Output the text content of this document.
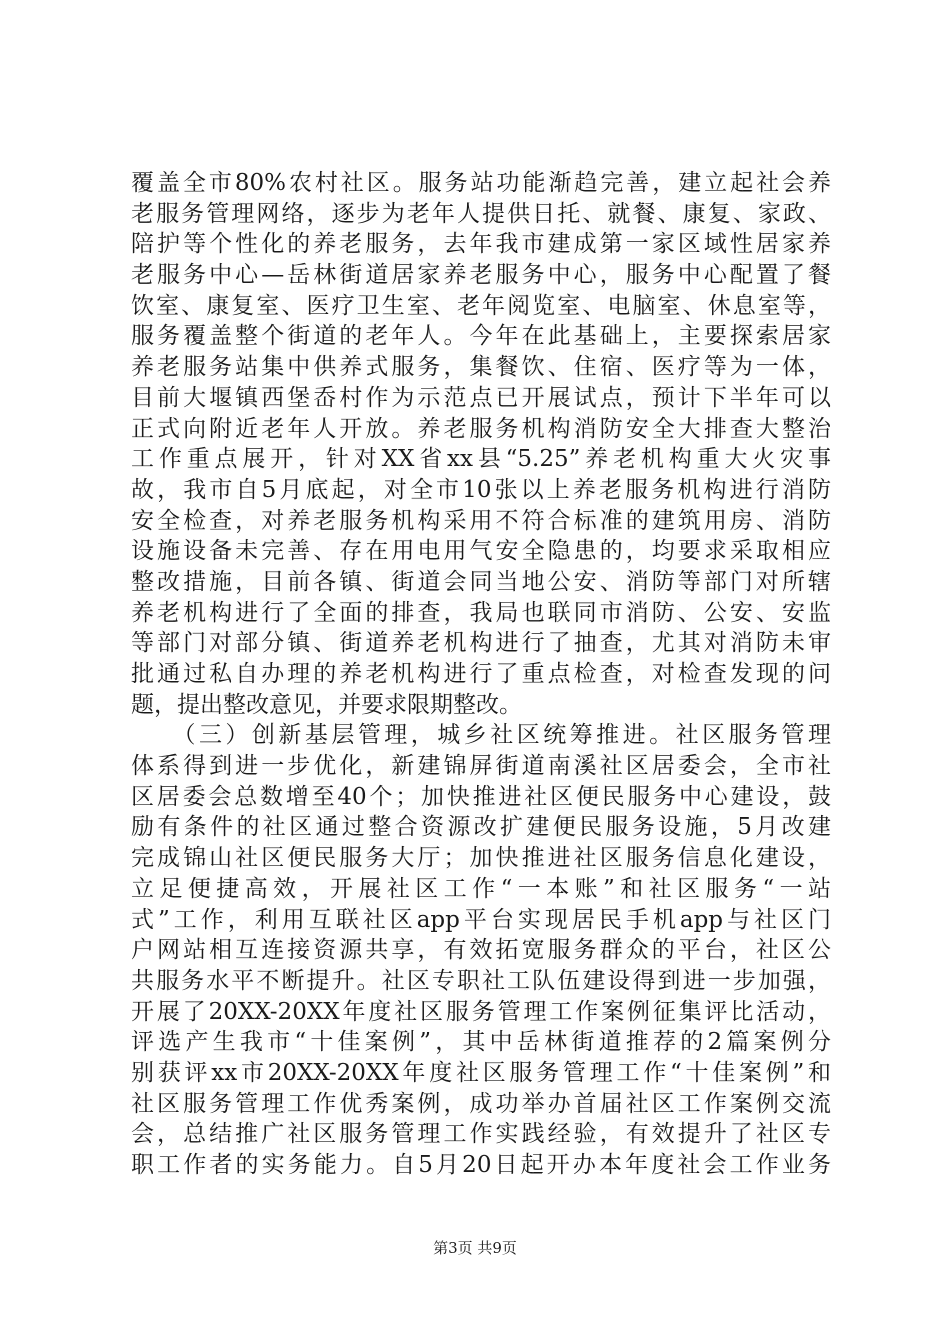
覆盖全市80%农村社区。服务站功能渐趋完善，建立起社会养
老服务管理网络，逐步为老年人提供日托、就餐、康复、家政、
陪护等个性化的养老服务，去年我市建成第一家区域性居家养
老服务中心—岳林街道居家养老服务中心，服务中心配置了餐
饮室、康复室、医疗卫生室、老年阅览室、电脑室、休息室等，
服务覆盖整个街道的老年人。今年在此基础上，主要探索居家
养老服务站集中供养式服务，集餐饮、住宿、医疗等为一体，
目前大堰镇西堡岙村作为示范点已开展试点，预计下半年可以
正式向附近老年人开放。养老服务机构消防安全大排查大整治
工作重点展开，针对XX省xx县“5.25”养老机构重大火灾事
故，我市自5月底起，对全市10张以上养老服务机构进行消防
安全检查，对养老服务机构采用不符合标准的建筑用房、消防
设施设备未完善、存在用电用气安全隐患的，均要求采取相应
整改措施，目前各镇、街道会同当地公安、消防等部门对所辖
养老机构进行了全面的排查，我局也联同市消防、公安、安监
等部门对部分镇、街道养老机构进行了抽查，尤其对消防未审
批通过私自办理的养老机构进行了重点检查，对检查发现的问
题，提出整改意见，并要求限期整改。
　　（三）创新基层管理，城乡社区统筹推进。社区服务管理
体系得到进一步优化，新建锦屏街道南溪社区居委会，全市社
区居委会总数增至40个；加快推进社区便民服务中心建设，鼓
励有条件的社区通过整合资源改扩建便民服务设施，5月改建
完成锦山社区便民服务大厅；加快推进社区服务信息化建设，
立足便捷高效，开展社区工作“一本账”和社区服务“一站
式”工作，利用互联社区app平台实现居民手机app与社区门
户网站相互连接资源共享，有效拓宽服务群众的平台，社区公
共服务水平不断提升。社区专职社工队伍建设得到进一步加强，
开展了20XX-20XX年度社区服务管理工作案例征集评比活动，
评选产生我市“十佳案例”，其中岳林街道推荐的2篇案例分
别获评xx市20XX-20XX年度社区服务管理工作“十佳案例”和
社区服务管理工作优秀案例，成功举办首届社区工作案例交流
会，总结推广社区服务管理工作实践经验，有效提升了社区专
职工作者的实务能力。自5月20日起开办本年度社会工作业务
第3页 共9页
